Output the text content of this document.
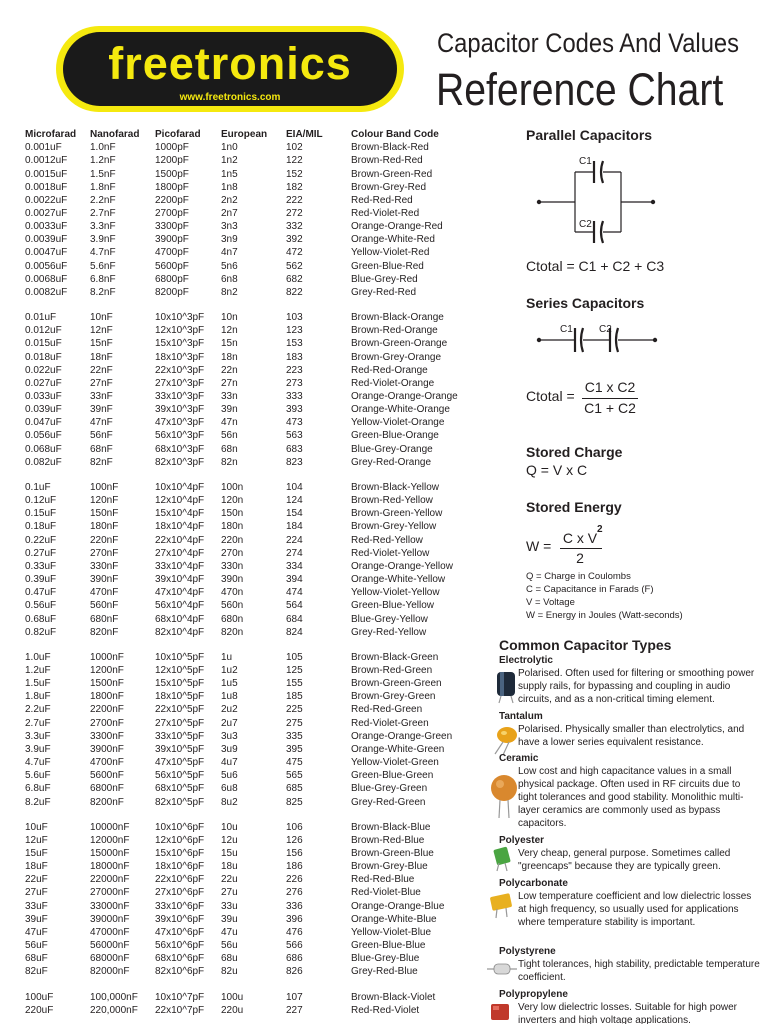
freetronics
www.freetronics.com
Capacitor Codes And Values
Reference Chart
Microfarad	Nanofarad	Picofarad	European	EIA/MIL	Colour Band Code
0.001uF	1.0nF	1000pF	1n0	102	Brown-Black-Red
0.0012uF	1.2nF	1200pF	1n2	122	Brown-Red-Red
0.0015uF	1.5nF	1500pF	1n5	152	Brown-Green-Red
0.0018uF	1.8nF	1800pF	1n8	182	Brown-Grey-Red
0.0022uF	2.2nF	2200pF	2n2	222	Red-Red-Red
0.0027uF	2.7nF	2700pF	2n7	272	Red-Violet-Red
0.0033uF	3.3nF	3300pF	3n3	332	Orange-Orange-Red
0.0039uF	3.9nF	3900pF	3n9	392	Orange-White-Red
0.0047uF	4.7nF	4700pF	4n7	472	Yellow-Violet-Red
0.0056uF	5.6nF	5600pF	5n6	562	Green-Blue-Red
0.0068uF	6.8nF	6800pF	6n8	682	Blue-Grey-Red
0.0082uF	8.2nF	8200pF	8n2	822	Grey-Red-Red
0.01uF	10nF	10x10^3pF	10n	103	Brown-Black-Orange
0.012uF	12nF	12x10^3pF	12n	123	Brown-Red-Orange
0.015uF	15nF	15x10^3pF	15n	153	Brown-Green-Orange
0.018uF	18nF	18x10^3pF	18n	183	Brown-Grey-Orange
0.022uF	22nF	22x10^3pF	22n	223	Red-Red-Orange
0.027uF	27nF	27x10^3pF	27n	273	Red-Violet-Orange
0.033uF	33nF	33x10^3pF	33n	333	Orange-Orange-Orange
0.039uF	39nF	39x10^3pF	39n	393	Orange-White-Orange
0.047uF	47nF	47x10^3pF	47n	473	Yellow-Violet-Orange
0.056uF	56nF	56x10^3pF	56n	563	Green-Blue-Orange
0.068uF	68nF	68x10^3pF	68n	683	Blue-Grey-Orange
0.082uF	82nF	82x10^3pF	82n	823	Grey-Red-Orange
0.1uF	100nF	10x10^4pF	100n	104	Brown-Black-Yellow
0.12uF	120nF	12x10^4pF	120n	124	Brown-Red-Yellow
0.15uF	150nF	15x10^4pF	150n	154	Brown-Green-Yellow
0.18uF	180nF	18x10^4pF	180n	184	Brown-Grey-Yellow
0.22uF	220nF	22x10^4pF	220n	224	Red-Red-Yellow
0.27uF	270nF	27x10^4pF	270n	274	Red-Violet-Yellow
0.33uF	330nF	33x10^4pF	330n	334	Orange-Orange-Yellow
0.39uF	390nF	39x10^4pF	390n	394	Orange-White-Yellow
0.47uF	470nF	47x10^4pF	470n	474	Yellow-Violet-Yellow
0.56uF	560nF	56x10^4pF	560n	564	Green-Blue-Yellow
0.68uF	680nF	68x10^4pF	680n	684	Blue-Grey-Yellow
0.82uF	820nF	82x10^4pF	820n	824	Grey-Red-Yellow
1.0uF	1000nF	10x10^5pF	1u	105	Brown-Black-Green
1.2uF	1200nF	12x10^5pF	1u2	125	Brown-Red-Green
1.5uF	1500nF	15x10^5pF	1u5	155	Brown-Green-Green
1.8uF	1800nF	18x10^5pF	1u8	185	Brown-Grey-Green
2.2uF	2200nF	22x10^5pF	2u2	225	Red-Red-Green
2.7uF	2700nF	27x10^5pF	2u7	275	Red-Violet-Green
3.3uF	3300nF	33x10^5pF	3u3	335	Orange-Orange-Green
3.9uF	3900nF	39x10^5pF	3u9	395	Orange-White-Green
4.7uF	4700nF	47x10^5pF	4u7	475	Yellow-Violet-Green
5.6uF	5600nF	56x10^5pF	5u6	565	Green-Blue-Green
6.8uF	6800nF	68x10^5pF	6u8	685	Blue-Grey-Green
8.2uF	8200nF	82x10^5pF	8u2	825	Grey-Red-Green
10uF	10000nF	10x10^6pF	10u	106	Brown-Black-Blue
12uF	12000nF	12x10^6pF	12u	126	Brown-Red-Blue
15uF	15000nF	15x10^6pF	15u	156	Brown-Green-Blue
18uF	18000nF	18x10^6pF	18u	186	Brown-Grey-Blue
22uF	22000nF	22x10^6pF	22u	226	Red-Red-Blue
27uF	27000nF	27x10^6pF	27u	276	Red-Violet-Blue
33uF	33000nF	33x10^6pF	33u	336	Orange-Orange-Blue
39uF	39000nF	39x10^6pF	39u	396	Orange-White-Blue
47uF	47000nF	47x10^6pF	47u	476	Yellow-Violet-Blue
56uF	56000nF	56x10^6pF	56u	566	Green-Blue-Blue
68uF	68000nF	68x10^6pF	68u	686	Blue-Grey-Blue
82uF	82000nF	82x10^6pF	82u	826	Grey-Red-Blue
100uF	100,000nF	10x10^7pF	100u	107	Brown-Black-Violet
220uF	220,000nF	22x10^7pF	220u	227	Red-Red-Violet
Parallel Capacitors
C1
C2
Ctotal = C1 + C2 + C3
Series Capacitors
C1	C2
Ctotal =
C1 x C2
C1 + C2
Stored Charge
Q = V x C
Stored Energy
W = C x V
2
2
Q = Charge in Coulombs
C = Capacitance in Farads (F)
V = Voltage
W = Energy in Joules (Watt-seconds)
Common Capacitor Types
Electrolytic
Polarised. Often used for filtering or smoothing power supply rails, for bypassing and coupling in audio circuits, and as a non-critical timing element.
Tantalum
Polarised. Physically smaller than electrolytics, and have a lower series equivalent resistance.
Ceramic
Low cost and high capacitance values in a small physical package. Often used in RF circuits due to tight tolerances and good stability. Monolithic multi-layer ceramics are commonly used as bypass capacitors.
Polyester
Very cheap, general purpose. Sometimes called "greencaps" because they are typically green.
Polycarbonate
Low temperature coefficient and low dielectric losses at high frequency, so usually used for applications where temperature stability is important.
Polystyrene
Tight tolerances, high stability, predictable temperature coefficient.
Polypropylene
Very low dielectric losses. Suitable for high power inverters and high voltage applications.
